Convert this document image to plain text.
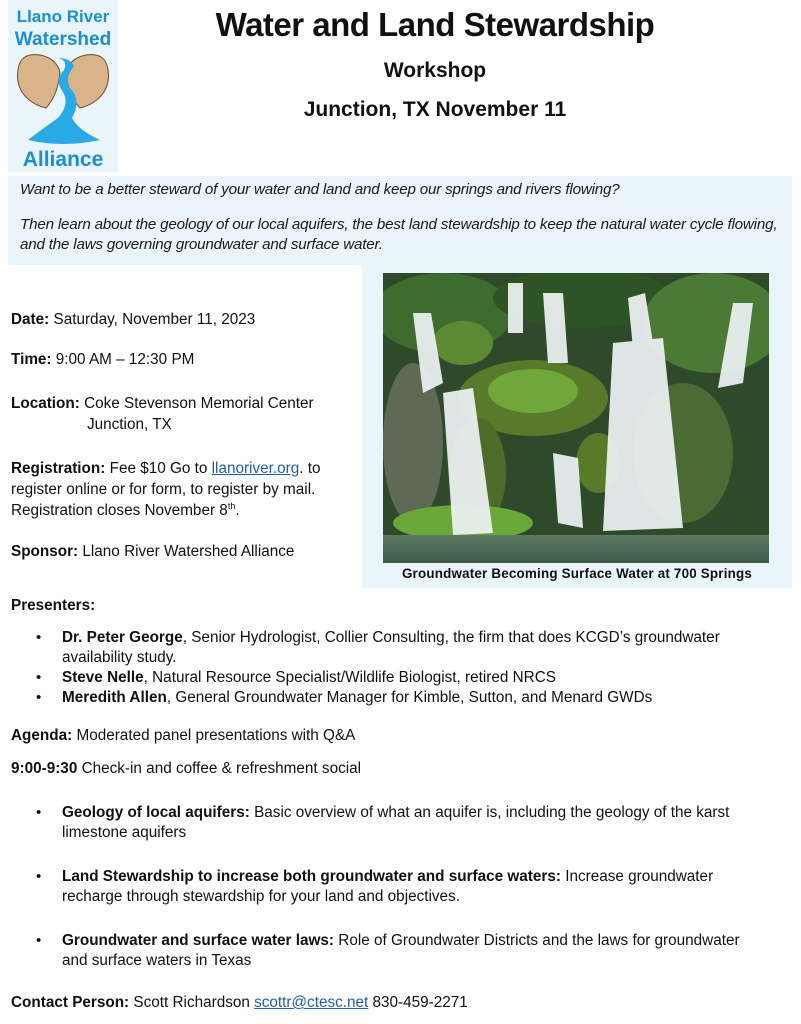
Llano River
Watershed
Alliance
Water and Land Stewardship
Workshop
Junction, TX November 11

Want to be a better steward of your water and land and keep our springs and rivers flowing?

Then learn about the geology of our local aquifers, the best land stewardship to keep the natural water cycle flowing, and the laws governing groundwater and surface water.

Groundwater Becoming Surface Water at 700 Springs
Date: Saturday, November 11, 2023
Time: 9:00 AM – 12:30 PM
Location: Coke Stevenson Memorial Center
Junction, TX
Registration: Fee $10 Go to llanoriver.org. to register online or for form, to register by mail. Registration closes November 8th.
Sponsor: Llano River Watershed Alliance
Presenters:
• Dr. Peter George, Senior Hydrologist, Collier Consulting, the firm that does KCGD’s groundwater availability study.
• Steve Nelle, Natural Resource Specialist/Wildlife Biologist, retired NRCS
• Meredith Allen, General Groundwater Manager for Kimble, Sutton, and Menard GWDs
Agenda: Moderated panel presentations with Q&A
9:00-9:30 Check-in and coffee & refreshment social
• Geology of local aquifers: Basic overview of what an aquifer is, including the geology of the karst limestone aquifers
• Land Stewardship to increase both groundwater and surface waters: Increase groundwater recharge through stewardship for your land and objectives.
• Groundwater and surface water laws: Role of Groundwater Districts and the laws for groundwater and surface waters in Texas
Contact Person: Scott Richardson scottr@ctesc.net 830-459-2271
